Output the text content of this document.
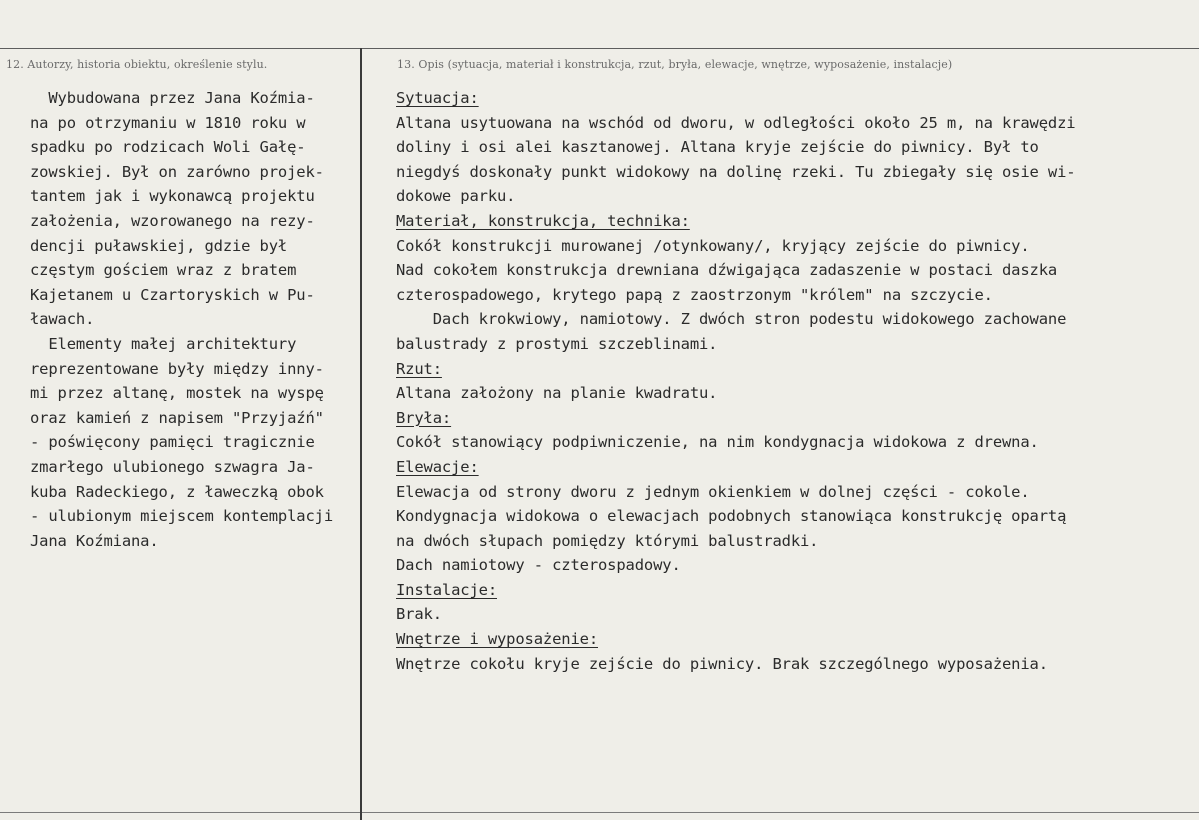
12. Autorzy, historia obiektu, określenie stylu.	13. Opis (sytuacja, materiał i konstrukcja, rzut, bryła, elewacje, wnętrze, wyposażenie, instalacje)

Wybudowana przez Jana Koźmia-

na po otrzymaniu w 1810 roku w

spadku po rodzicach Woli Gałę-

zowskiej. Był on zarówno projek-

tantem jak i wykonawcą projektu

założenia, wzorowanego na rezy-

dencji puławskiej, gdzie był

częstym gościem wraz z bratem

Kajetanem u Czartoryskich w Pu-

ławach.

Elementy małej architektury

reprezentowane były między inny-

mi przez altanę, mostek na wyspę

oraz kamień z napisem "Przyjaźń"

- poświęcony pamięci tragicznie

zmarłego ulubionego szwagra Ja-

kuba Radeckiego, z ławeczką obok

- ulubionym miejscem kontemplacji

Jana Koźmiana.

Sytuacja:

Altana usytuowana na wschód od dworu, w odległości około 25 m, na krawędzi

doliny i osi alei kasztanowej. Altana kryje zejście do piwnicy. Był to

niegdyś doskonały punkt widokowy na dolinę rzeki. Tu zbiegały się osie wi-

dokowe parku.

Materiał, konstrukcja, technika:

Cokół konstrukcji murowanej /otynkowany/, kryjący zejście do piwnicy.

Nad cokołem konstrukcja drewniana dźwigająca zadaszenie w postaci daszka

czterospadowego, krytego papą z zaostrzonym "królem" na szczycie.

Dach krokwiowy, namiotowy. Z dwóch stron podestu widokowego zachowane

balustrady z prostymi szczeblinami.

Rzut:

Altana założony na planie kwadratu.

Bryła:

Cokół stanowiący podpiwniczenie, na nim kondygnacja widokowa z drewna.

Elewacje:

Elewacja od strony dworu z jednym okienkiem w dolnej części - cokole.

Kondygnacja widokowa o elewacjach podobnych stanowiąca konstrukcję opartą

na dwóch słupach pomiędzy którymi balustradki.

Dach namiotowy - czterospadowy.

Instalacje:

Brak.

Wnętrze i wyposażenie:

Wnętrze cokołu kryje zejście do piwnicy. Brak szczególnego wyposażenia.
